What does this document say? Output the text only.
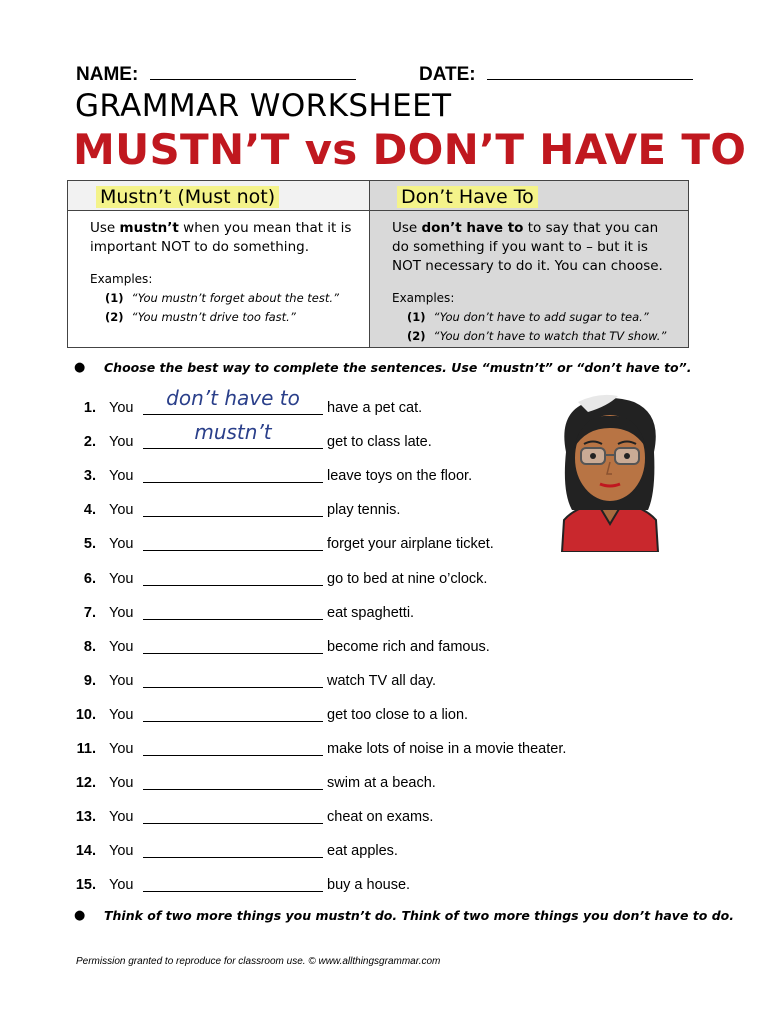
NAME:	DATE:
GRAMMAR WORKSHEET
MUSTN’T vs DON’T HAVE TO
Mustn’t (Must not)
Use mustn’t when you mean that it is important NOT to do something.
Examples:
(1) “You mustn’t forget about the test.”
(2) “You mustn’t drive too fast.”
Don’t Have To
Use don’t have to to say that you can do something if you want to – but it is NOT necessary to do it. You can choose.
Examples:
(1) “You don’t have to add sugar to tea.”
(2) “You don’t have to watch that TV show.”
● Choose the best way to complete the sentences. Use “mustn’t” or “don’t have to”.
1. You	don’t have to	have a pet cat.
2. You	mustn’t	get to class late.
3. You	leave toys on the floor.
4. You	play tennis.
5. You	forget your airplane ticket.
6. You	go to bed at nine o’clock.
7. You	eat spaghetti.
8. You	become rich and famous.
9. You	watch TV all day.
10. You	get too close to a lion.
11. You	make lots of noise in a movie theater.
12. You	swim at a beach.
13. You	cheat on exams.
14. You	eat apples.
15. You	buy a house.
● Think of two more things you mustn’t do. Think of two more things you don’t have to do.
Permission granted to reproduce for classroom use. © www.allthingsgrammar.com
